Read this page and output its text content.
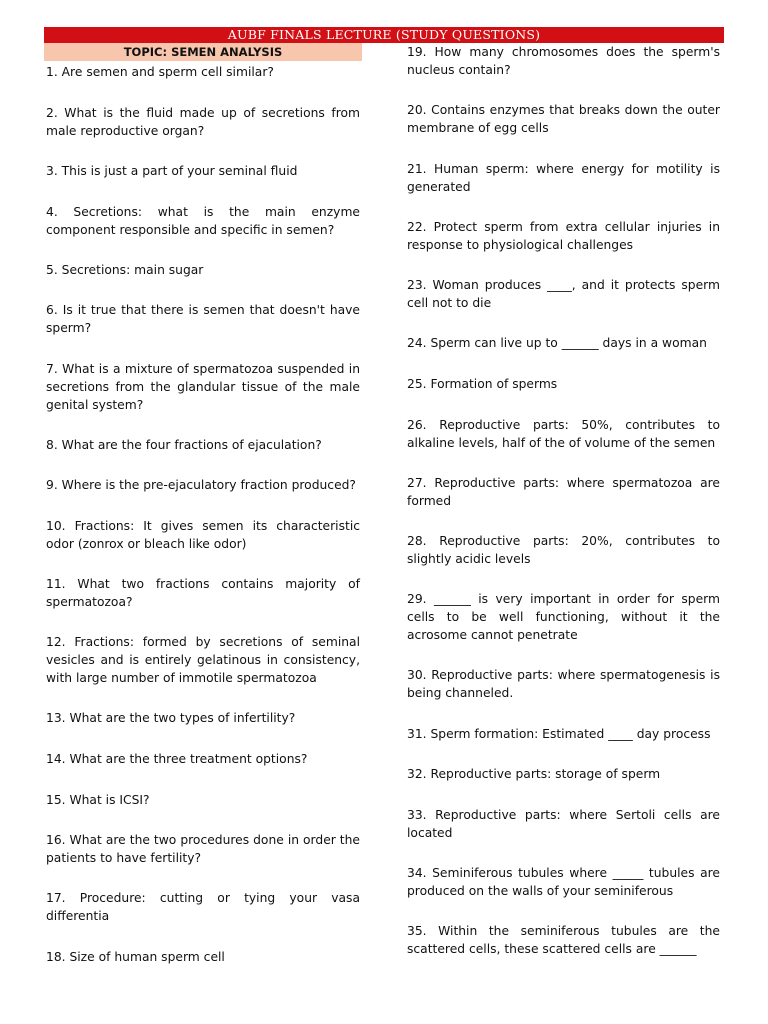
AUBF FINALS LECTURE (STUDY QUESTIONS)
TOPIC: SEMEN ANALYSIS

1. Are semen and sperm cell similar?

2. What is the fluid made up of secretions from male reproductive organ?

3. This is just a part of your seminal fluid

4. Secretions: what is the main enzyme component responsible and specific in semen?

5. Secretions: main sugar

6. Is it true that there is semen that doesn't have sperm?

7. What is a mixture of spermatozoa suspended in secretions from the glandular tissue of the male genital system?

8. What are the four fractions of ejaculation?

9. Where is the pre-ejaculatory fraction produced?

10. Fractions: It gives semen its characteristic odor (zonrox or bleach like odor)

11. What two fractions contains majority of spermatozoa?

12. Fractions: formed by secretions of seminal vesicles and is entirely gelatinous in consistency, with large number of immotile spermatozoa

13. What are the two types of infertility?

14. What are the three treatment options?

15. What is ICSI?

16. What are the two procedures done in order the patients to have fertility?

17. Procedure: cutting or tying your vasa differentia

18. Size of human sperm cell

19. How many chromosomes does the sperm's nucleus contain?

20. Contains enzymes that breaks down the outer membrane of egg cells

21. Human sperm: where energy for motility is generated

22. Protect sperm from extra cellular injuries in response to physiological challenges

23. Woman produces ____, and it protects sperm cell not to die

24. Sperm can live up to ______ days in a woman

25. Formation of sperms

26. Reproductive parts: 50%, contributes to alkaline levels, half of the of volume of the semen

27. Reproductive parts: where spermatozoa are formed

28. Reproductive parts: 20%, contributes to slightly acidic levels

29. ______ is very important in order for sperm cells to be well functioning, without it the acrosome cannot penetrate

30. Reproductive parts: where spermatogenesis is being channeled.

31. Sperm formation: Estimated ____ day process

32. Reproductive parts: storage of sperm

33. Reproductive parts: where Sertoli cells are located

34. Seminiferous tubules where _____ tubules are produced on the walls of your seminiferous

35. Within the seminiferous tubules are the scattered cells, these scattered cells are ______
